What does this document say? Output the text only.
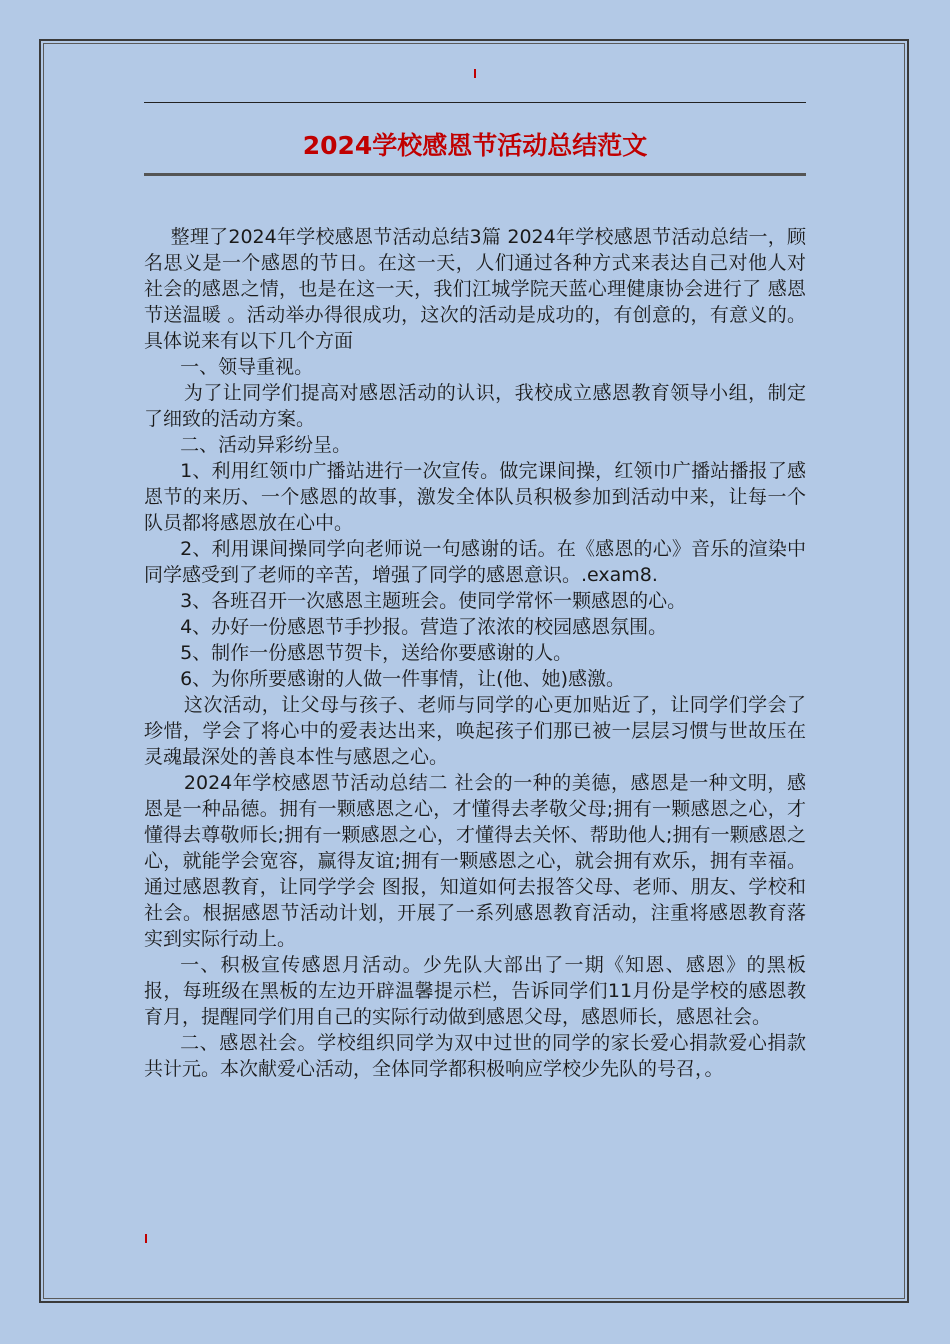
2024学校感恩节活动总结范文

整理了2024年学校感恩节活动总结3篇 2024年学校感恩节活动总结一，顾名思义是一个感恩的节日。在这一天，人们通过各种方式来表达自己对他人对社会的感恩之情，也是在这一天，我们江城学院天蓝心理健康协会进行了 感恩节送温暖 。活动举办得很成功，这次的活动是成功的，有创意的，有意义的。具体说来有以下几个方面

一、领导重视。

为了让同学们提高对感恩活动的认识，我校成立感恩教育领导小组，制定了细致的活动方案。

二、活动异彩纷呈。

1、利用红领巾广播站进行一次宣传。做完课间操，红领巾广播站播报了感恩节的来历、一个感恩的故事，激发全体队员积极参加到活动中来，让每一个队员都将感恩放在心中。

2、利用课间操同学向老师说一句感谢的话。在《感恩的心》音乐的渲染中同学感受到了老师的辛苦，增强了同学的感恩意识。.exam8.

3、各班召开一次感恩主题班会。使同学常怀一颗感恩的心。

4、办好一份感恩节手抄报。营造了浓浓的校园感恩氛围。

5、制作一份感恩节贺卡，送给你要感谢的人。

6、为你所要感谢的人做一件事情，让(他、她)感激。

这次活动，让父母与孩子、老师与同学的心更加贴近了，让同学们学会了珍惜，学会了将心中的爱表达出来，唤起孩子们那已被一层层习惯与世故压在灵魂最深处的善良本性与感恩之心。

2024年学校感恩节活动总结二 社会的一种的美德，感恩是一种文明，感恩是一种品德。拥有一颗感恩之心，才懂得去孝敬父母;拥有一颗感恩之心，才懂得去尊敬师长;拥有一颗感恩之心，才懂得去关怀、帮助他人;拥有一颗感恩之心，就能学会宽容，赢得友谊;拥有一颗感恩之心，就会拥有欢乐，拥有幸福。通过感恩教育，让同学学会 图报，知道如何去报答父母、老师、朋友、学校和社会。根据感恩节活动计划，开展了一系列感恩教育活动，注重将感恩教育落实到实际行动上。

一、积极宣传感恩月活动。少先队大部出了一期《知恩、感恩》的黑板报，每班级在黑板的左边开辟温馨提示栏，告诉同学们11月份是学校的感恩教育月，提醒同学们用自己的实际行动做到感恩父母，感恩师长，感恩社会。

二、感恩社会。学校组织同学为双中过世的同学的家长爱心捐款爱心捐款共计元。本次献爱心活动，全体同学都积极响应学校少先队的号召，。
